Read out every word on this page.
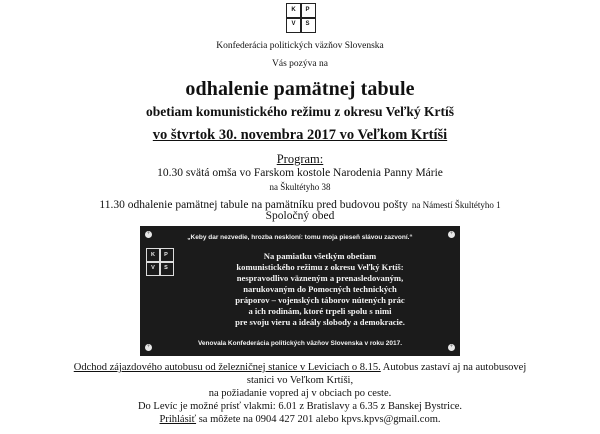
K	P
V	S
Konfederácia politických väzňov Slovenska
Vás pozýva na
odhalenie pamätnej tabule
obetiam komunistického režimu z okresu Veľký Krtíš
vo štvrtok 30. novembra 2017 vo Veľkom Krtíši
Program:
10.30 svätá omša vo Farskom kostole Narodenia Panny Márie
na Škultétyho 38
11.30 odhalenie pamätnej tabule na pamätníku pred budovou pošty na Námestí Škultétyho 1
Spoločný obed
+	+
+	+
„Keby dar nezvedie, hrozba neskloní: tomu moja pieseň slávou zazvoní.“
K	P
V	S
Na pamiatku všetkým obetiam
komunistického režimu z okresu Veľký Krtíš:
nespravodlivo väzneným a prenasledovaným,
narukovaným do Pomocných technických
práporov – vojenských táborov nútených prác
a ich rodinám, ktoré trpeli spolu s nimi
pre svoju vieru a ideály slobody a demokracie.
Venovala Konfederácia politických väzňov Slovenska v roku 2017.
Odchod zájazdového autobusu od železničnej stanice v Leviciach o 8.15. Autobus zastaví aj na autobusovej
stanici vo Veľkom Krtíši,
na požiadanie vopred aj v obciach po ceste.
Do Levíc je možné prísť vlakmi: 6.01 z Bratislavy a 6.35 z Banskej Bystrice.
Prihlásiť sa môžete na 0904 427 201 alebo kpvs.kpvs@gmail.com.
